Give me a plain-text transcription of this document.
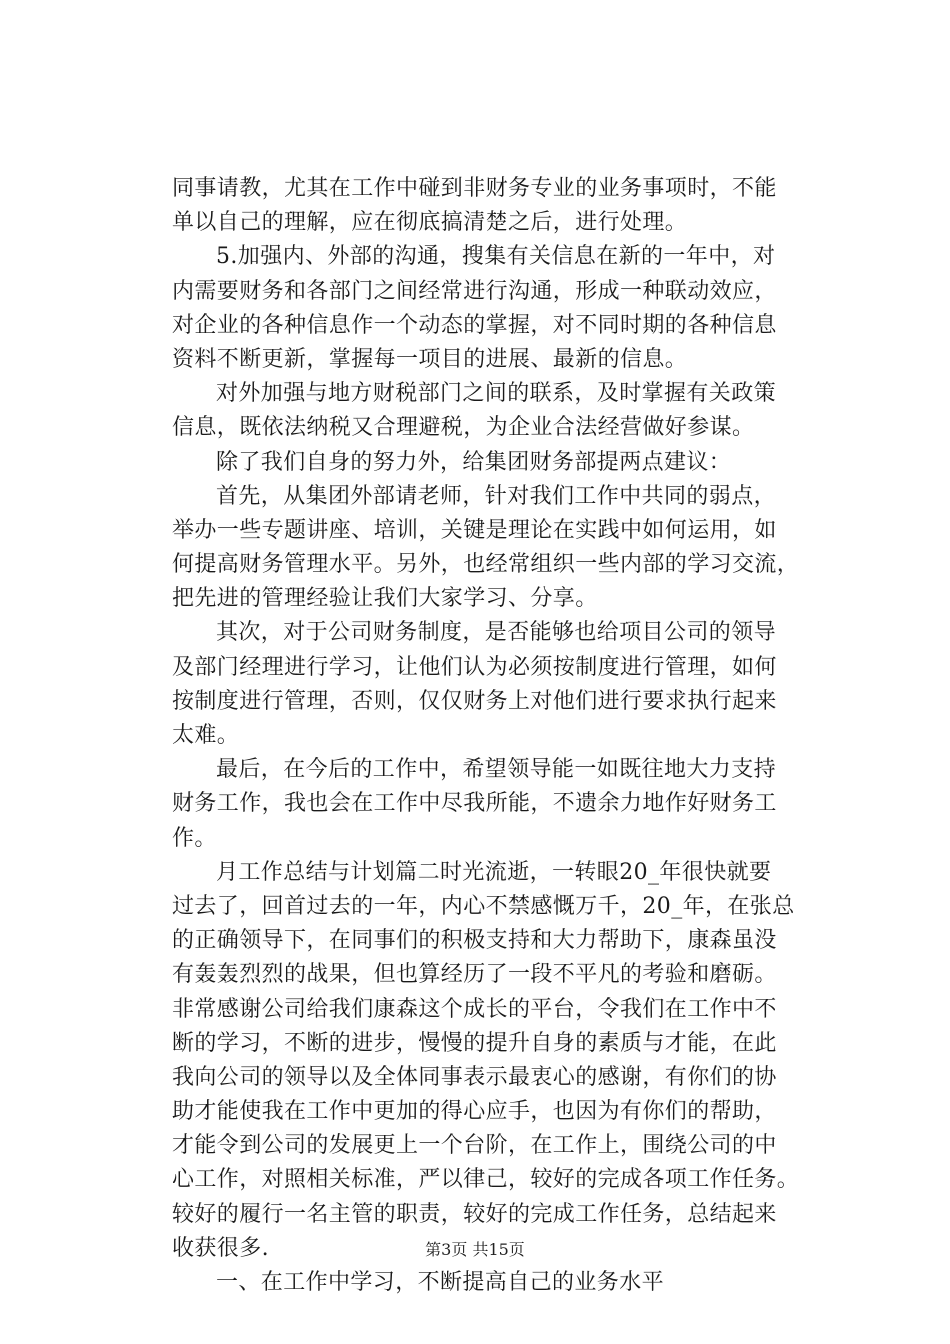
同事请教，尤其在工作中碰到非财务专业的业务事项时，不能
单以自己的理解，应在彻底搞清楚之后，进行处理。
5.加强内、外部的沟通，搜集有关信息在新的一年中，对
内需要财务和各部门之间经常进行沟通，形成一种联动效应，
对企业的各种信息作一个动态的掌握，对不同时期的各种信息
资料不断更新，掌握每一项目的进展、最新的信息。
对外加强与地方财税部门之间的联系，及时掌握有关政策
信息，既依法纳税又合理避税，为企业合法经营做好参谋。
除了我们自身的努力外，给集团财务部提两点建议：
首先，从集团外部请老师，针对我们工作中共同的弱点，
举办一些专题讲座、培训，关键是理论在实践中如何运用，如
何提高财务管理水平。另外，也经常组织一些内部的学习交流，
把先进的管理经验让我们大家学习、分享。
其次，对于公司财务制度，是否能够也给项目公司的领导
及部门经理进行学习，让他们认为必须按制度进行管理，如何
按制度进行管理，否则，仅仅财务上对他们进行要求执行起来
太难。
最后，在今后的工作中，希望领导能一如既往地大力支持
财务工作，我也会在工作中尽我所能，不遗余力地作好财务工
作。
月工作总结与计划篇二时光流逝，一转眼20_年很快就要
过去了，回首过去的一年，内心不禁感慨万千，20_年，在张总
的正确领导下，在同事们的积极支持和大力帮助下，康森虽没
有轰轰烈烈的战果，但也算经历了一段不平凡的考验和磨砺。
非常感谢公司给我们康森这个成长的平台，令我们在工作中不
断的学习，不断的进步，慢慢的提升自身的素质与才能，在此
我向公司的领导以及全体同事表示最衷心的感谢，有你们的协
助才能使我在工作中更加的得心应手，也因为有你们的帮助，
才能令到公司的发展更上一个台阶，在工作上，围绕公司的中
心工作，对照相关标准，严以律己，较好的完成各项工作任务。
较好的履行一名主管的职责，较好的完成工作任务，总结起来
收获很多.
一、在工作中学习，不断提高自己的业务水平
第3页 共15页
